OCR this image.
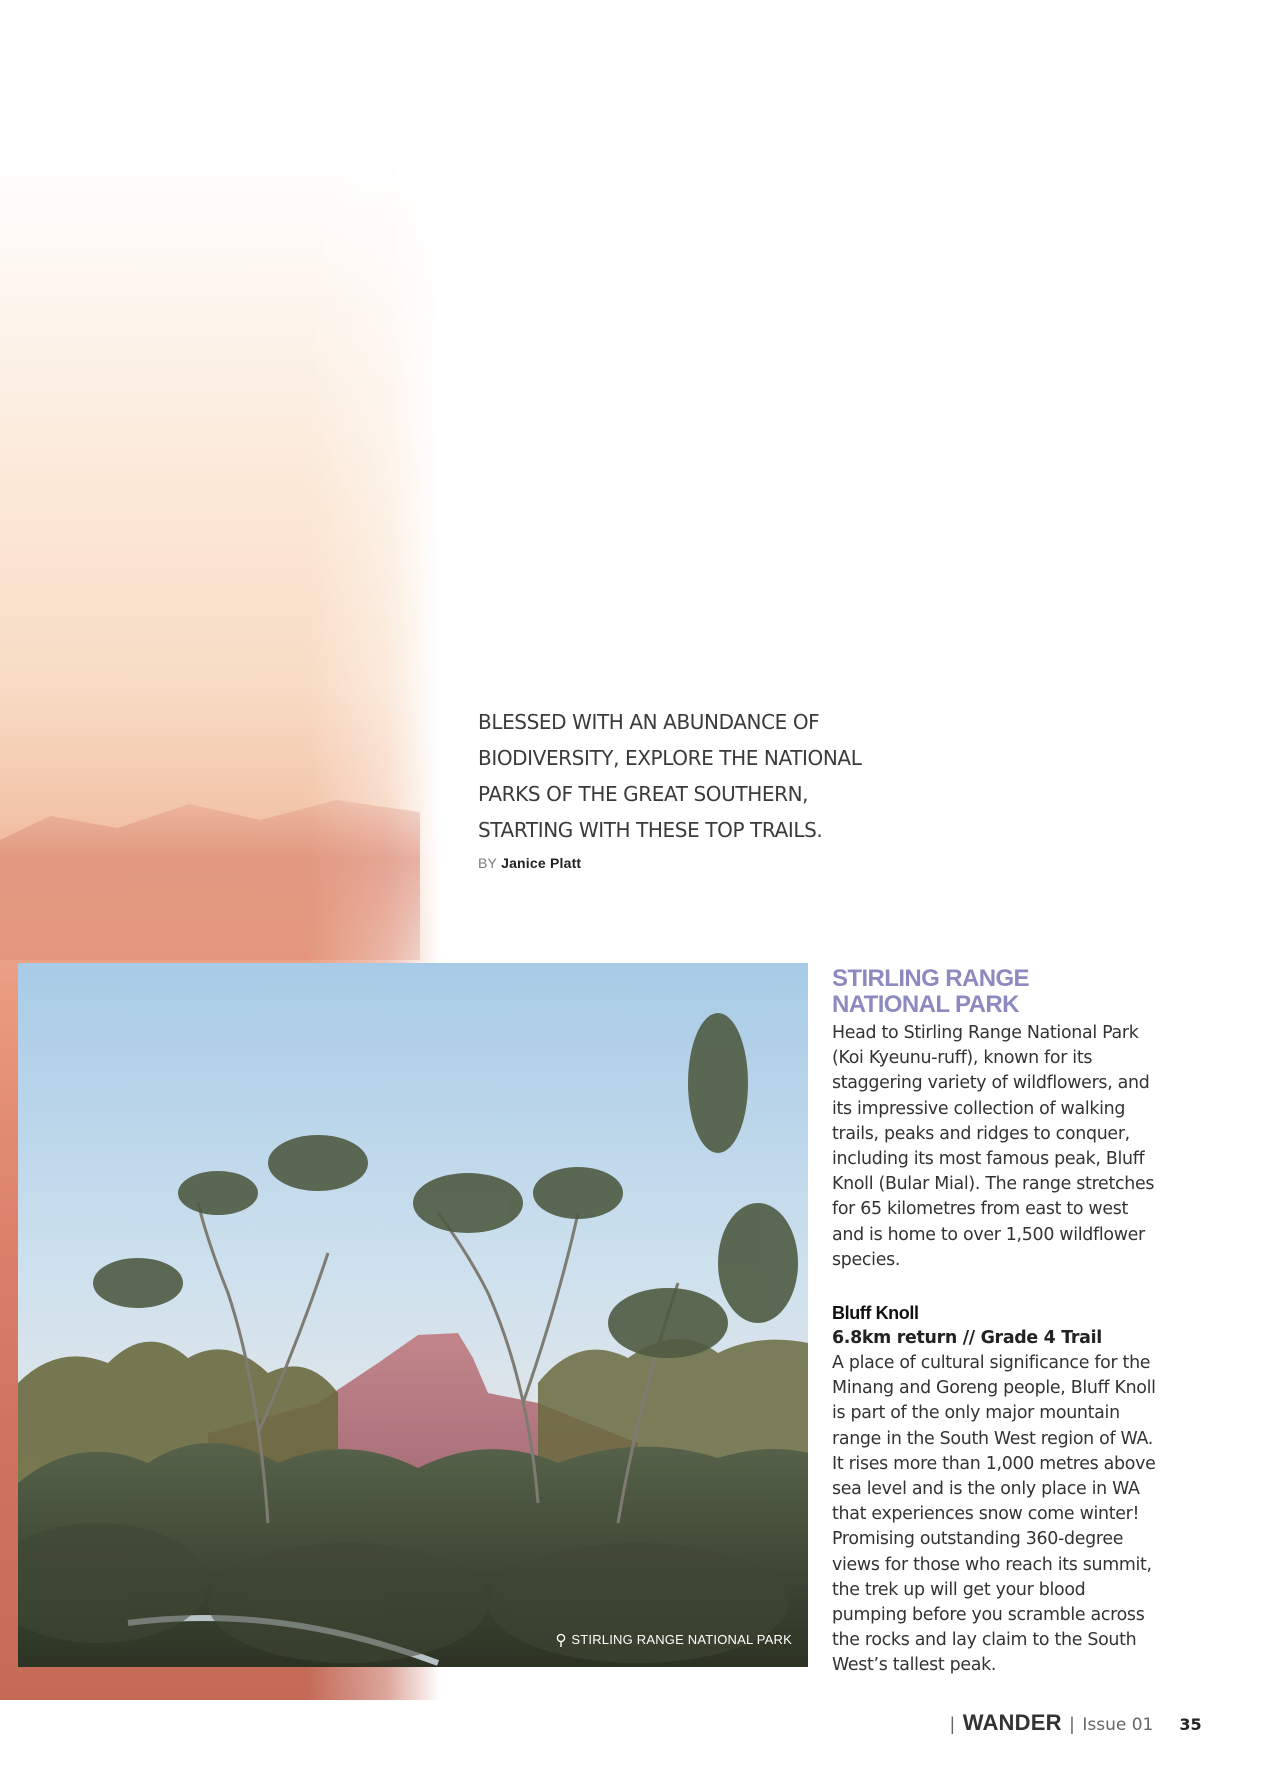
BLESSED WITH AN ABUNDANCE OF
BIODIVERSITY, EXPLORE THE NATIONAL
PARKS OF THE GREAT SOUTHERN,
STARTING WITH THESE TOP TRAILS.
BY Janice Platt
STIRLING RANGE NATIONAL PARK
STIRLING RANGE
NATIONAL PARK

Head to Stirling Range National Park (Koi Kyeunu-ruff), known for its staggering variety of wildflowers, and its impressive collection of walking trails, peaks and ridges to conquer, including its most famous peak, Bluff Knoll (Bular Mial). The range stretches for 65 kilometres from east to west and is home to over 1,500 wildflower species.

Bluff Knoll

6.8km return // Grade 4 Trail

A place of cultural significance for the Minang and Goreng people, Bluff Knoll is part of the only major mountain range in the South West region of WA. It rises more than 1,000 metres above sea level and is the only place in WA that experiences snow come winter! Promising outstanding 360-degree views for those who reach its summit, the trek up will get your blood pumping before you scramble across the rocks and lay claim to the South West’s tallest peak.

| WANDER | Issue 01 35
